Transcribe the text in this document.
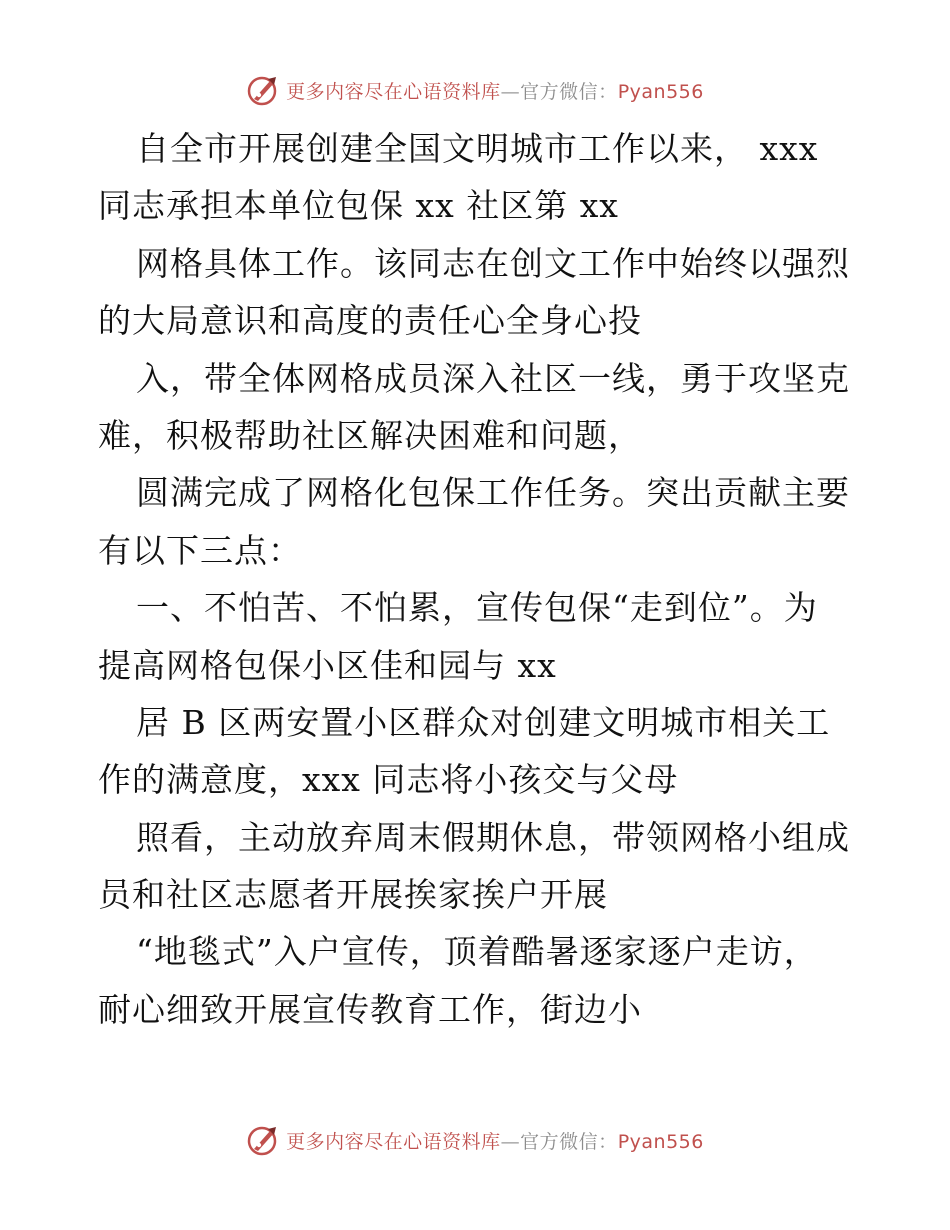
更多内容尽在心语资料库—官方微信：Pyan556
自全市开展创建全国文明城市工作以来， xxx
同志承担本单位包保 xx 社区第 xx
网格具体工作。该同志在创文工作中始终以强烈
的大局意识和高度的责任心全身心投
入，带全体网格成员深入社区一线，勇于攻坚克
难，积极帮助社区解决困难和问题，
圆满完成了网格化包保工作任务。突出贡献主要
有以下三点：
一、不怕苦、不怕累，宣传包保“走到位”。为
提高网格包保小区佳和园与 xx
居 B 区两安置小区群众对创建文明城市相关工
作的满意度，xxx 同志将小孩交与父母
照看，主动放弃周末假期休息，带领网格小组成
员和社区志愿者开展挨家挨户开展
“地毯式”入户宣传，顶着酷暑逐家逐户走访，
耐心细致开展宣传教育工作，街边小
更多内容尽在心语资料库—官方微信：Pyan556
